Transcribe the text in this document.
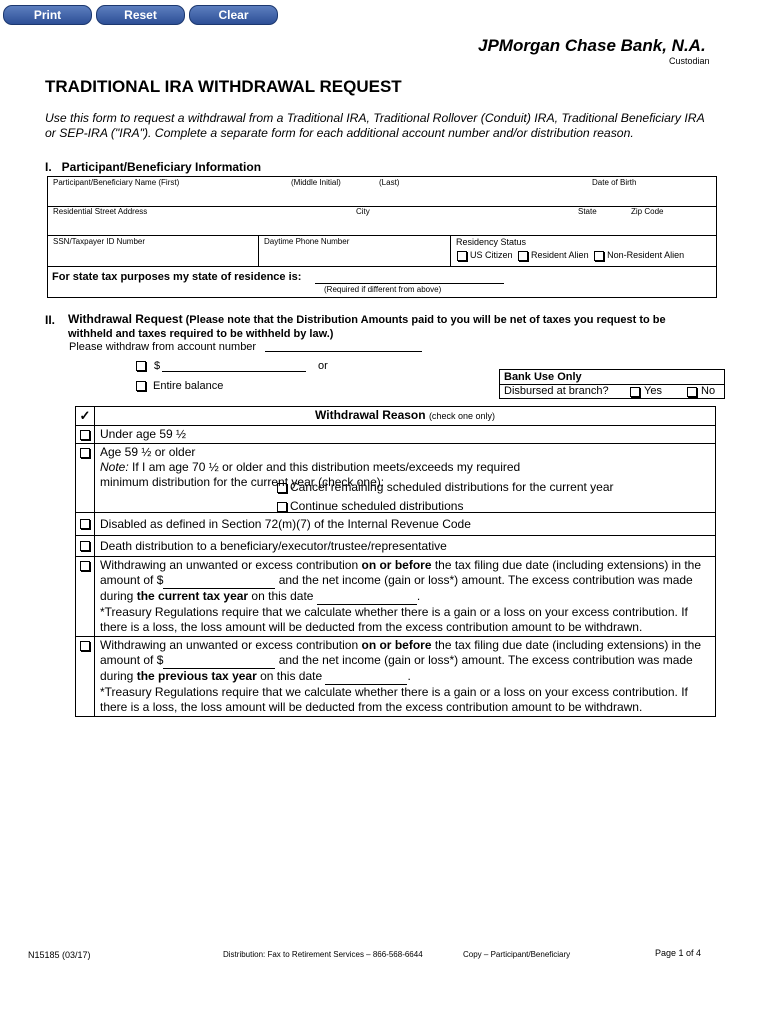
Print	Reset	Clear
JPMorgan Chase Bank, N.A.
Custodian
TRADITIONAL IRA WITHDRAWAL REQUEST
Use this form to request a withdrawal from a Traditional IRA, Traditional Rollover (Conduit) IRA, Traditional Beneficiary IRA or SEP-IRA ("IRA"). Complete a separate form for each additional account number and/or distribution reason.
I.   Participant/Beneficiary Information
Participant/Beneficiary Name (First)	(Middle Initial)	(Last)	Date of Birth
Residential Street Address	City	State	Zip Code
SSN/Taxpayer ID Number	Daytime Phone Number	Residency Status
US Citizen Resident Alien Non-Resident Alien
For state tax purposes my state of residence is:
(Required if different from above)
II. Withdrawal Request (Please note that the Distribution Amounts paid to you will be net of taxes you request to be withheld and taxes required to be withheld by law.)
Please withdraw from account number
$	or
Entire balance
Bank Use Only
Disbursed at branch?	Yes	No
✓	Withdrawal Reason (check one only)
	Under age 59 ½

	Age 59 ½ or older
Note: If I am age 70 ½ or older and this distribution meets/exceeds my required minimum distribution for the current year (check one):
Cancel remaining scheduled distributions for the current year
Continue scheduled distributions

	Disabled as defined in Section 72(m)(7) of the Internal Revenue Code
	Death distribution to a beneficiary/executor/trustee/representative
	Withdrawing an unwanted or excess contribution on or before the tax filing due date (including extensions) in the amount of $ and the net income (gain or loss*) amount. The excess contribution was made during the current tax year on this date .
*Treasury Regulations require that we calculate whether there is a gain or a loss on your excess contribution. If there is a loss, the loss amount will be deducted from the excess contribution amount to be withdrawn.
	Withdrawing an unwanted or excess contribution on or before the tax filing due date (including extensions) in the amount of $ and the net income (gain or loss*) amount. The excess contribution was made during the previous tax year on this date .
*Treasury Regulations require that we calculate whether there is a gain or a loss on your excess contribution. If there is a loss, the loss amount will be deducted from the excess contribution amount to be withdrawn.
N15185 (03/17)	Distribution: Fax to Retirement Services – 866-568-6644	Copy – Participant/Beneficiary	Page 1 of 4
